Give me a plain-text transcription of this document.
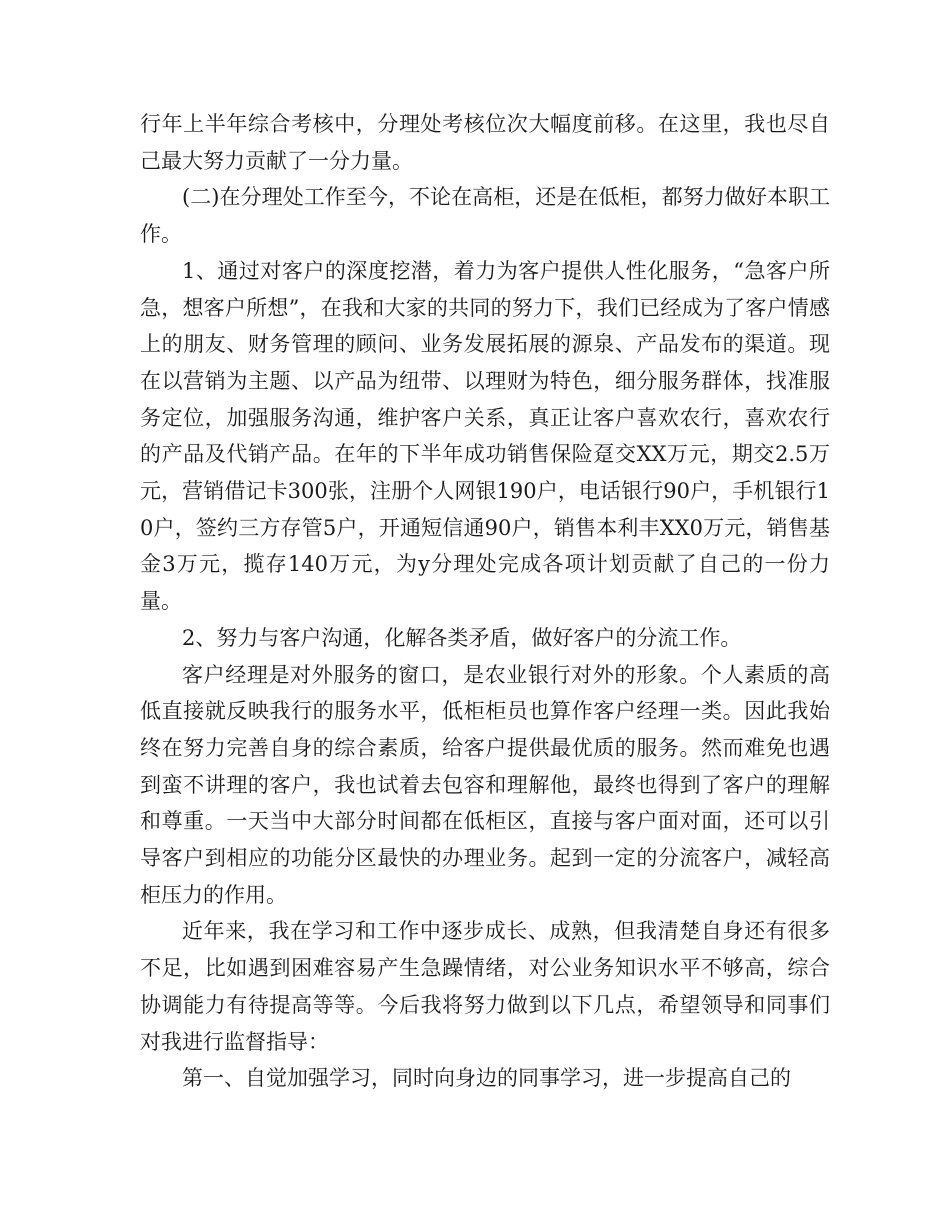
行年上半年综合考核中，分理处考核位次大幅度前移。在这里，我也尽自己最大努力贡献了一分力量。

(二)在分理处工作至今，不论在高柜，还是在低柜，都努力做好本职工作。

1、通过对客户的深度挖潜，着力为客户提供人性化服务，“急客户所急，想客户所想”，在我和大家的共同的努力下，我们已经成为了客户情感上的朋友、财务管理的顾问、业务发展拓展的源泉、产品发布的渠道。现在以营销为主题、以产品为纽带、以理财为特色，细分服务群体，找准服务定位，加强服务沟通，维护客户关系，真正让客户喜欢农行，喜欢农行的产品及代销产品。在年的下半年成功销售保险趸交XX万元，期交2.5万元，营销借记卡300张，注册个人网银190户，电话银行90户，手机银行10户，签约三方存管5户，开通短信通90户，销售本利丰XX0万元，销售基金3万元，揽存140万元，为y分理处完成各项计划贡献了自己的一份力量。

2、努力与客户沟通，化解各类矛盾，做好客户的分流工作。

客户经理是对外服务的窗口，是农业银行对外的形象。个人素质的高低直接就反映我行的服务水平，低柜柜员也算作客户经理一类。因此我始终在努力完善自身的综合素质，给客户提供最优质的服务。然而难免也遇到蛮不讲理的客户，我也试着去包容和理解他，最终也得到了客户的理解和尊重。一天当中大部分时间都在低柜区，直接与客户面对面，还可以引导客户到相应的功能分区最快的办理业务。起到一定的分流客户，减轻高柜压力的作用。

近年来，我在学习和工作中逐步成长、成熟，但我清楚自身还有很多不足，比如遇到困难容易产生急躁情绪，对公业务知识水平不够高，综合协调能力有待提高等等。今后我将努力做到以下几点，希望领导和同事们对我进行监督指导：

第一、自觉加强学习，同时向身边的同事学习，进一步提高自己的
